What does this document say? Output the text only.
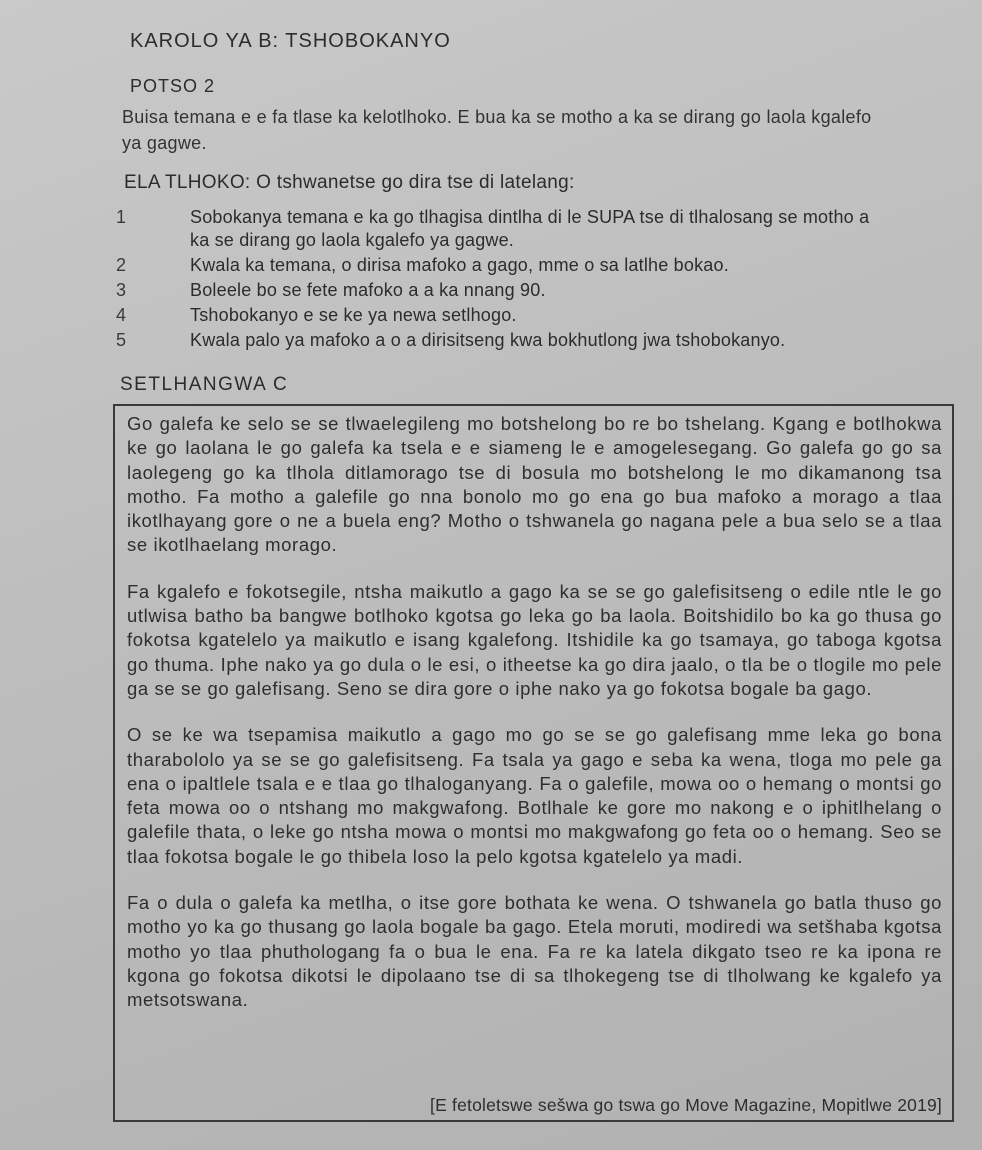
KAROLO YA B: TSHOBOKANYO
POTSO 2
Buisa temana e e fa tlase ka kelotlhoko. E bua ka se motho a ka se dirang go laola kgalefo ya gagwe.
ELA TLHOKO: O tshwanetse go dira tse di latelang:
1	Sobokanya temana e ka go tlhagisa dintlha di le SUPA tse di tlhalosang se motho a ka se dirang go laola kgalefo ya gagwe.
2	Kwala ka temana, o dirisa mafoko a gago, mme o sa latlhe bokao.
3	Boleele bo se fete mafoko a a ka nnang 90.
4	Tshobokanyo e se ke ya newa setlhogo.
5	Kwala palo ya mafoko a o a dirisitseng kwa bokhutlong jwa tshobokanyo.
SETLHANGWA C

Go galefa ke selo se se tlwaelegileng mo botshelong bo re bo tshelang. Kgang e botlhokwa ke go laolana le go galefa ka tsela e e siameng le e amogelesegang. Go galefa go go sa laolegeng go ka tlhola ditlamorago tse di bosula mo botshelong le mo dikamanong tsa motho. Fa motho a galefile go nna bonolo mo go ena go bua mafoko a morago a tlaa ikotlhayang gore o ne a buela eng? Motho o tshwanela go nagana pele a bua selo se a tlaa se ikotlhaelang morago.

Fa kgalefo e fokotsegile, ntsha maikutlo a gago ka se se go galefisitseng o edile ntle le go utlwisa batho ba bangwe botlhoko kgotsa go leka go ba laola. Boitshidilo bo ka go thusa go fokotsa kgatelelo ya maikutlo e isang kgalefong. Itshidile ka go tsamaya, go taboga kgotsa go thuma. Iphe nako ya go dula o le esi, o itheetse ka go dira jaalo, o tla be o tlogile mo pele ga se se go galefisang. Seno se dira gore o iphe nako ya go fokotsa bogale ba gago.

O se ke wa tsepamisa maikutlo a gago mo go se se go galefisang mme leka go bona tharabololo ya se se go galefisitseng. Fa tsala ya gago e seba ka wena, tloga mo pele ga ena o ipaltlele tsala e e tlaa go tlhaloganyang. Fa o galefile, mowa oo o hemang o montsi go feta mowa oo o ntshang mo makgwafong. Botlhale ke gore mo nakong e o iphitlhelang o galefile thata, o leke go ntsha mowa o montsi mo makgwafong go feta oo o hemang. Seo se tlaa fokotsa bogale le go thibela loso la pelo kgotsa kgatelelo ya madi.

Fa o dula o galefa ka metlha, o itse gore bothata ke wena. O tshwanela go batla thuso go motho yo ka go thusang go laola bogale ba gago. Etela moruti, modiredi wa setšhaba kgotsa motho yo tlaa phuthologang fa o bua le ena. Fa re ka latela dikgato tseo re ka ipona re kgona go fokotsa dikotsi le dipolaano tse di sa tlhokegeng tse di tlholwang ke kgalefo ya metsotswana.

[E fetoletswe sešwa go tswa go Move Magazine, Mopitlwe 2019]
